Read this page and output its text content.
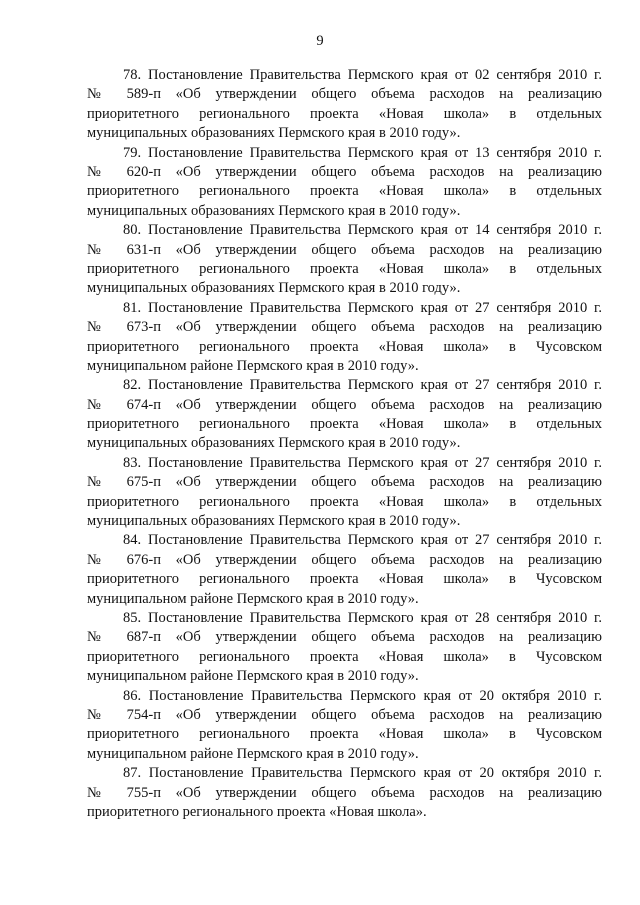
9

78. Постановление Правительства Пермского края от 02 сентября 2010 г.
№ 589-п «Об утверждении общего объема расходов на реализацию
приоритетного регионального проекта «Новая школа» в отдельных
муниципальных образованиях Пермского края в 2010 году».

79. Постановление Правительства Пермского края от 13 сентября 2010 г.
№ 620-п «Об утверждении общего объема расходов на реализацию
приоритетного регионального проекта «Новая школа» в отдельных
муниципальных образованиях Пермского края в 2010 году».

80. Постановление Правительства Пермского края от 14 сентября 2010 г.
№ 631-п «Об утверждении общего объема расходов на реализацию
приоритетного регионального проекта «Новая школа» в отдельных
муниципальных образованиях Пермского края в 2010 году».

81. Постановление Правительства Пермского края от 27 сентября 2010 г.
№ 673-п «Об утверждении общего объема расходов на реализацию
приоритетного регионального проекта «Новая школа» в Чусовском
муниципальном районе Пермского края в 2010 году».

82. Постановление Правительства Пермского края от 27 сентября 2010 г.
№ 674-п «Об утверждении общего объема расходов на реализацию
приоритетного регионального проекта «Новая школа» в отдельных
муниципальных образованиях Пермского края в 2010 году».

83. Постановление Правительства Пермского края от 27 сентября 2010 г.
№ 675-п «Об утверждении общего объема расходов на реализацию
приоритетного регионального проекта «Новая школа» в отдельных
муниципальных образованиях Пермского края в 2010 году».

84. Постановление Правительства Пермского края от 27 сентября 2010 г.
№ 676-п «Об утверждении общего объема расходов на реализацию
приоритетного регионального проекта «Новая школа» в Чусовском
муниципальном районе Пермского края в 2010 году».

85. Постановление Правительства Пермского края от 28 сентября 2010 г.
№ 687-п «Об утверждении общего объема расходов на реализацию
приоритетного регионального проекта «Новая школа» в Чусовском
муниципальном районе Пермского края в 2010 году».

86. Постановление Правительства Пермского края от 20 октября 2010 г.
№ 754-п «Об утверждении общего объема расходов на реализацию
приоритетного регионального проекта «Новая школа» в Чусовском
муниципальном районе Пермского края в 2010 году».

87. Постановление Правительства Пермского края от 20 октября 2010 г.
№ 755-п «Об утверждении общего объема расходов на реализацию
приоритетного регионального проекта «Новая школа».
